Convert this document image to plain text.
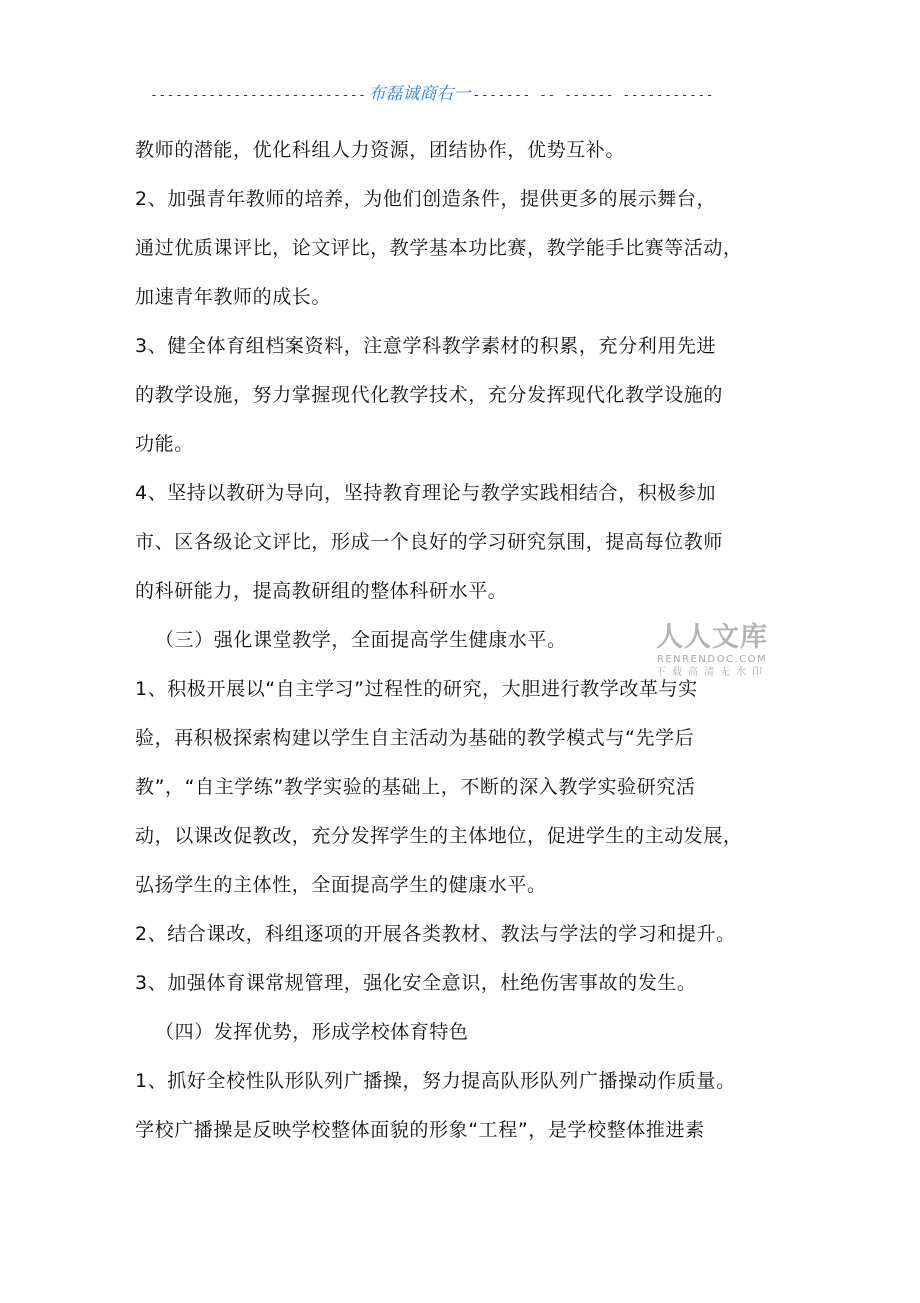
-------------------------- 布磊诚商右一 ------- -- ------ -----------
教师的潜能，优化科组人力资源，团结协作，优势互补。
2、加强青年教师的培养，为他们创造条件，提供更多的展示舞台，
通过优质课评比，论文评比，教学基本功比赛，教学能手比赛等活动，
加速青年教师的成长。
3、健全体育组档案资料，注意学科教学素材的积累，充分利用先进
的教学设施，努力掌握现代化教学技术，充分发挥现代化教学设施的
功能。
4、坚持以教研为导向，坚持教育理论与教学实践相结合，积极参加
市、区各级论文评比，形成一个良好的学习研究氛围，提高每位教师
的科研能力，提高教研组的整体科研水平。
（三）强化课堂教学，全面提高学生健康水平。
1、积极开展以“自主学习”过程性的研究，大胆进行教学改革与实
验，再积极探索构建以学生自主活动为基础的教学模式与“先学后
教”，“自主学练”教学实验的基础上，不断的深入教学实验研究活
动，以课改促教改，充分发挥学生的主体地位，促进学生的主动发展，
弘扬学生的主体性，全面提高学生的健康水平。
2、结合课改，科组逐项的开展各类教材、教法与学法的学习和提升。
3、加强体育课常规管理，强化安全意识，杜绝伤害事故的发生。
（四）发挥优势，形成学校体育特色
1、抓好全校性队形队列广播操，努力提高队形队列广播操动作质量。
学校广播操是反映学校整体面貌的形象“工程”，是学校整体推进素
人人文库
RENRENDOC.COM
下载高清无水印
